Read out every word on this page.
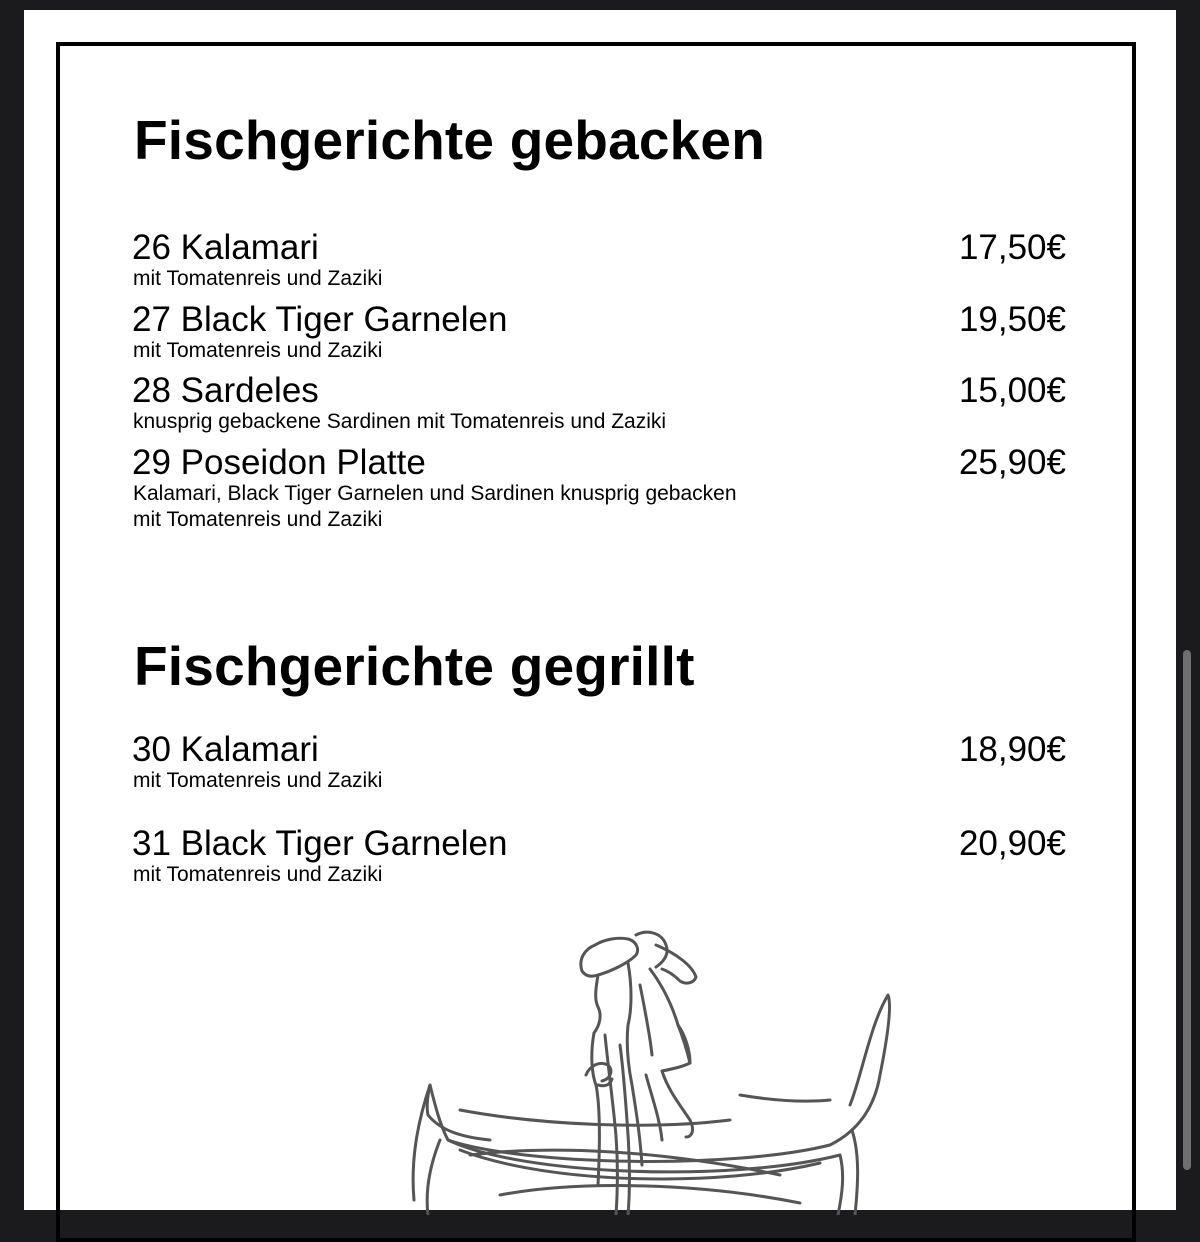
Fischgerichte gebacken
26 Kalamari	17,50€
mit Tomatenreis und Zaziki
27 Black Tiger Garnelen	19,50€
mit Tomatenreis und Zaziki
28 Sardeles	15,00€
knusprig gebackene Sardinen mit Tomatenreis und Zaziki
29 Poseidon Platte	25,90€
Kalamari, Black Tiger Garnelen und Sardinen knusprig gebacken
mit Tomatenreis und Zaziki
Fischgerichte gegrillt
30 Kalamari	18,90€
mit Tomatenreis und Zaziki
31 Black Tiger Garnelen	20,90€
mit Tomatenreis und Zaziki
